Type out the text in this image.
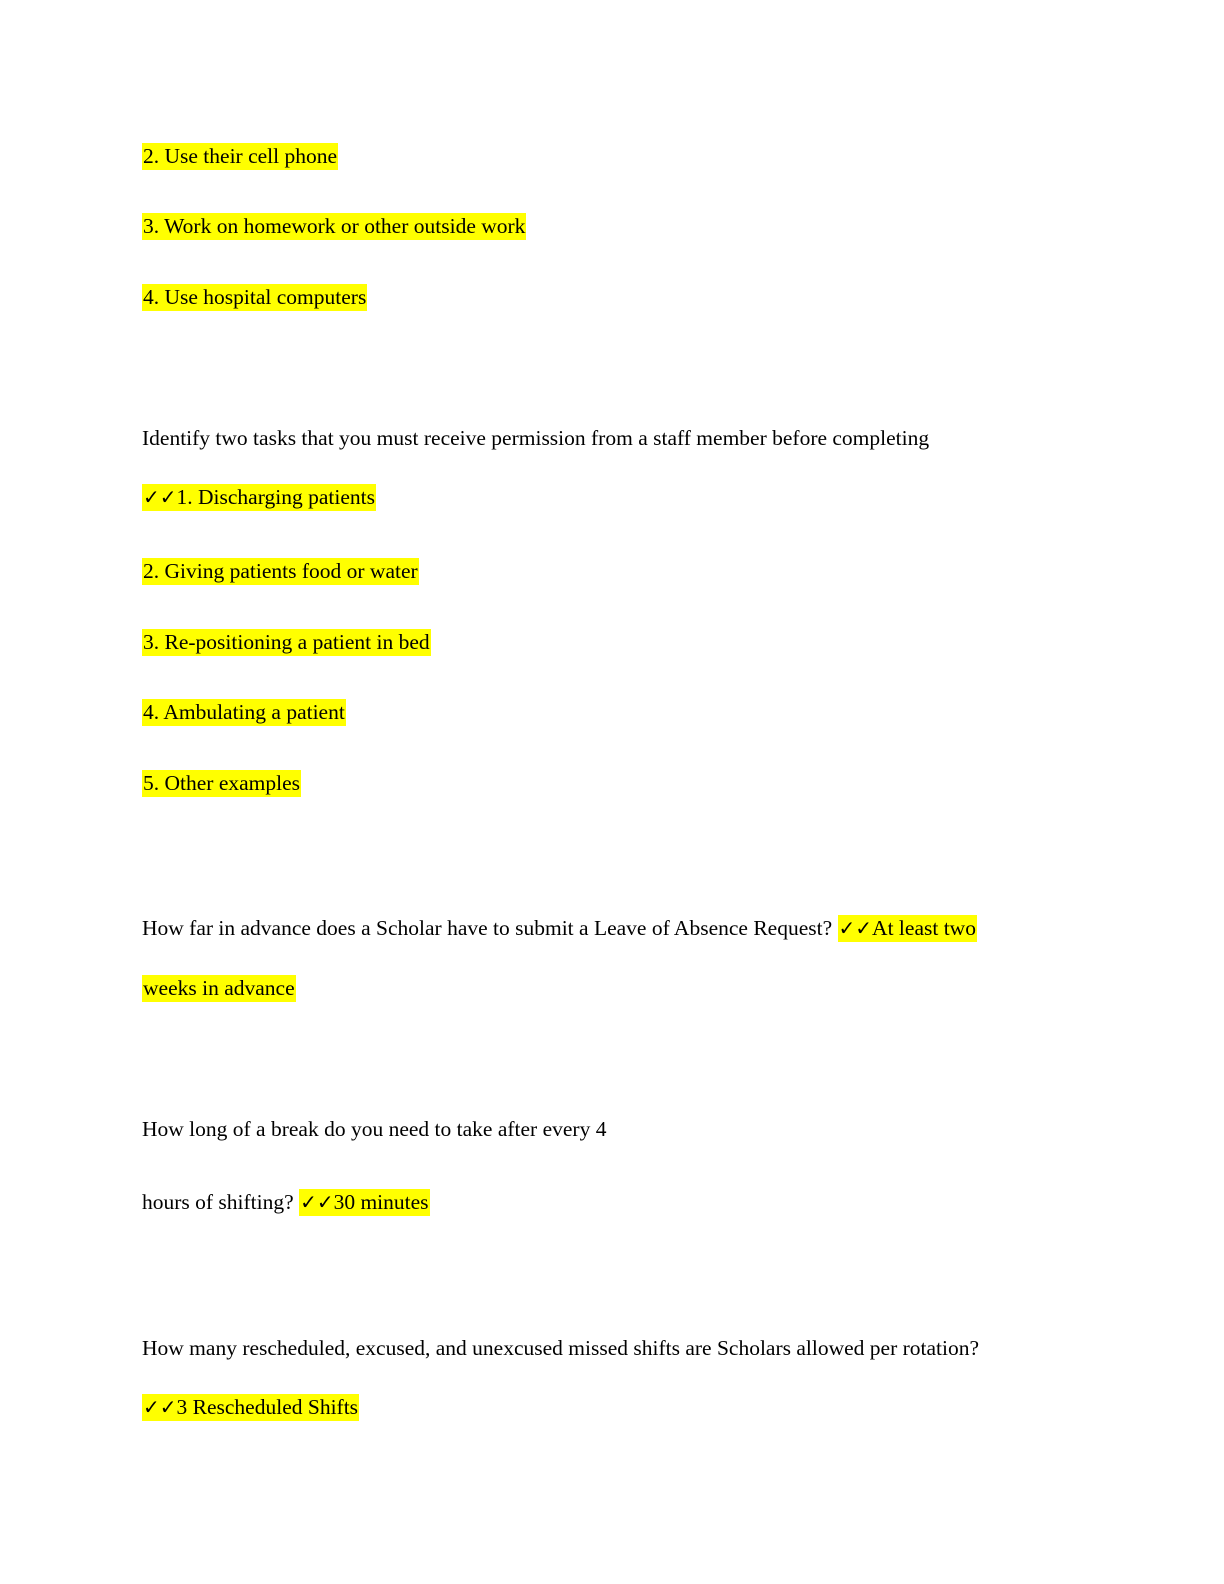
2. Use their cell phone
3. Work on homework or other outside work
4. Use hospital computers
Identify two tasks that you must receive permission from a staff member before completing
✓✓1. Discharging patients
2. Giving patients food or water
3. Re-positioning a patient in bed
4. Ambulating a patient
5. Other examples
How far in advance does a Scholar have to submit a Leave of Absence Request? ✓✓At least two
weeks in advance
How long of a break do you need to take after every 4
hours of shifting? ✓✓30 minutes
How many rescheduled, excused, and unexcused missed shifts are Scholars allowed per rotation?
✓✓3 Rescheduled Shifts
